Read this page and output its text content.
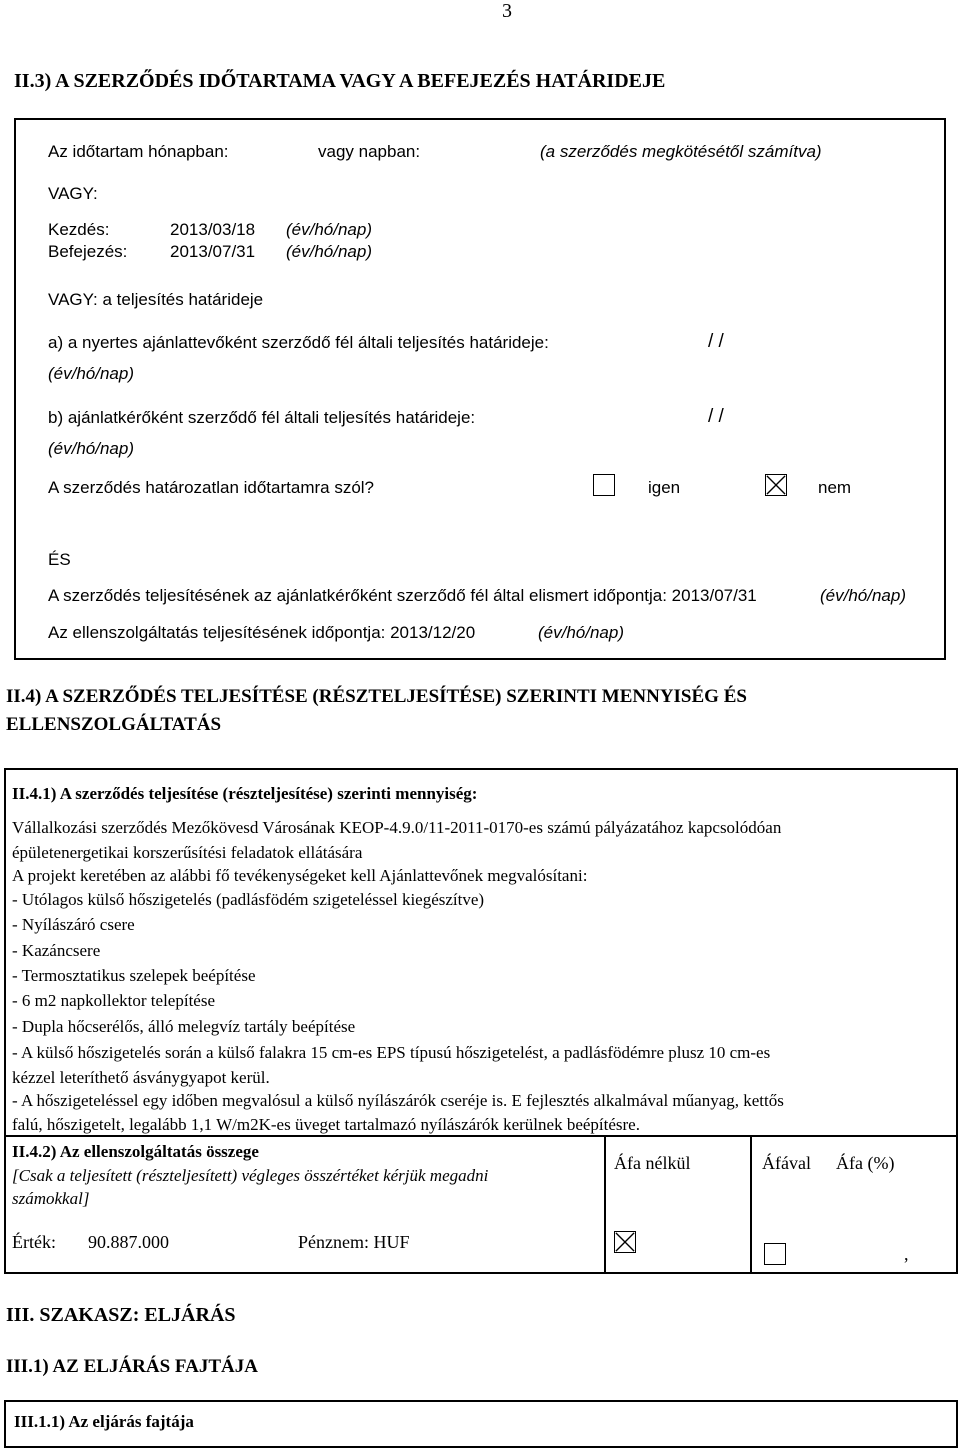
3
II.3) A SZERZŐDÉS IDŐTARTAMA VAGY A BEFEJEZÉS HATÁRIDEJE
Az időtartam hónapban:	vagy napban:	(a szerződés megkötésétől számítva)
VAGY:
Kezdés:	2013/03/18 (év/hó/nap)
Befejezés:	2013/07/31 (év/hó/nap)
VAGY: a teljesítés határideje
a) a nyertes ajánlattevőként szerződő fél általi teljesítés határideje:	/ /
(év/hó/nap)
b) ajánlatkérőként szerződő fél általi teljesítés határideje:	/ /
(év/hó/nap)
A szerződés határozatlan időtartamra szól?	igen	nem
ÉS
A szerződés teljesítésének az ajánlatkérőként szerződő fél által elismert időpontja: 2013/07/31	(év/hó/nap)
Az ellenszolgáltatás teljesítésének időpontja: 2013/12/20	(év/hó/nap)
II.4) A SZERZŐDÉS TELJESÍTÉSE (RÉSZTELJESÍTÉSE) SZERINTI MENNYISÉG ÉS
ELLENSZOLGÁLTATÁS
II.4.1) A szerződés teljesítése (részteljesítése) szerinti mennyiség:
Vállalkozási szerződés Mezőkövesd Városának KEOP-4.9.0/11-2011-0170-es számú pályázatához kapcsolódóan
épületenergetikai korszerűsítési feladatok ellátására
A projekt keretében az alábbi fő tevékenységeket kell Ajánlattevőnek megvalósítani:
- Utólagos külső hőszigetelés (padlásfödém szigeteléssel kiegészítve)
- Nyílászáró csere
- Kazáncsere
- Termosztatikus szelepek beépítése
- 6 m2 napkollektor telepítése
- Dupla hőcserélős, álló melegvíz tartály beépítése
- A külső hőszigetelés során a külső falakra 15 cm-es EPS típusú hőszigetelést, a padlásfödémre plusz 10 cm-es
kézzel leteríthető ásványgyapot kerül.
- A hőszigeteléssel egy időben megvalósul a külső nyílászárók cseréje is. E fejlesztés alkalmával műanyag, kettős
falú, hőszigetelt, legalább 1,1 W/m2K-es üveget tartalmazó nyílászárók kerülnek beépítésre.
II.4.2) Az ellenszolgáltatás összege
[Csak a teljesített (részteljesített) végleges összértéket kérjük megadni
számokkal]
Áfa nélkül	Áfával Áfa (%)
Érték: 90.887.000	Pénznem: HUF
,
III. SZAKASZ: ELJÁRÁS
III.1) AZ ELJÁRÁS FAJTÁJA
III.1.1) Az eljárás fajtája
